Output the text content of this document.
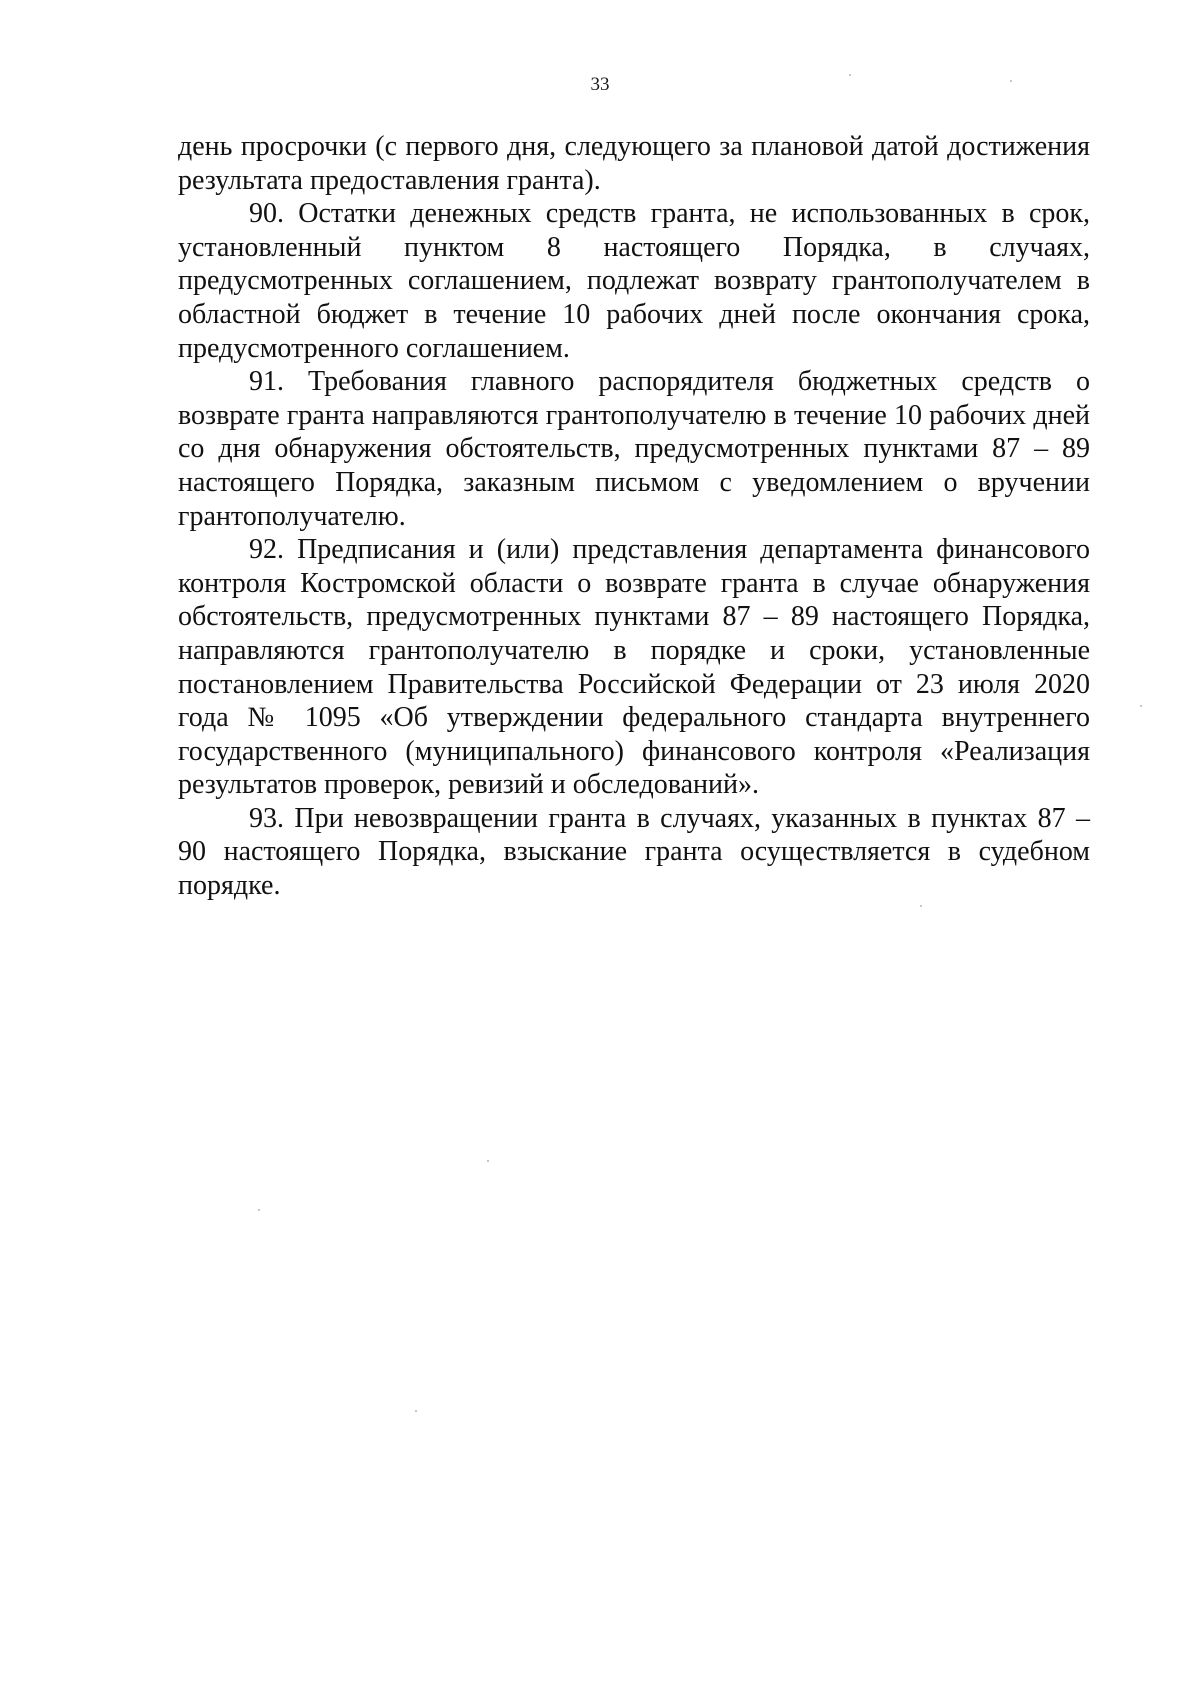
33

день просрочки (с первого дня, следующего за плановой датой достижения результата предоставления гранта).

90. Остатки денежных средств гранта, не использованных в срок, установленный пунктом 8 настоящего Порядка, в случаях, предусмотренных соглашением, подлежат возврату грантополучателем в областной бюджет в течение 10 рабочих дней после окончания срока, предусмотренного соглашением.

91. Требования главного распорядителя бюджетных средств о возврате гранта направляются грантополучателю в течение 10 рабочих дней со дня обнаружения обстоятельств, предусмотренных пунктами 87 – 89 настоящего Порядка, заказным письмом с уведомлением о вручении грантополучателю.

92. Предписания и (или) представления департамента финансового контроля Костромской области о возврате гранта в случае обнаружения обстоятельств, предусмотренных пунктами 87 – 89 настоящего Порядка, направляются грантополучателю в порядке и сроки, установленные постановлением Правительства Российской Федерации от 23 июля 2020 года № 1095 «Об утверждении федерального стандарта внутреннего государственного (муниципального) финансового контроля «Реализация результатов проверок, ревизий и обследований».

93. При невозвращении гранта в случаях, указанных в пунктах 87 – 90 настоящего Порядка, взыскание гранта осуществляется в судебном порядке.
